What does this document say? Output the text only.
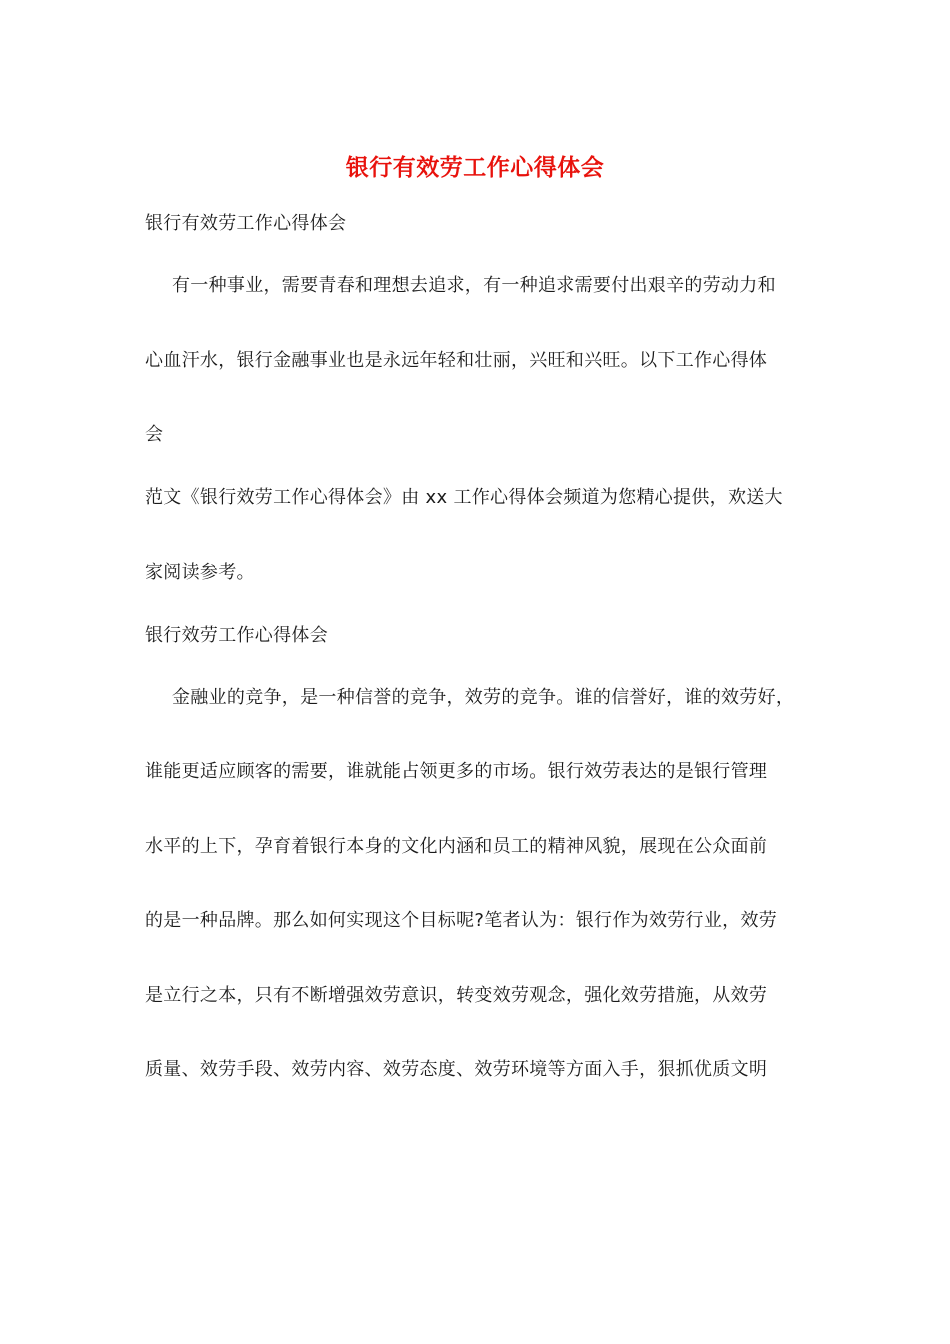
银行有效劳工作心得体会
银行有效劳工作心得体会
有一种事业，需要青春和理想去追求，有一种追求需要付出艰辛的劳动力和
心血汗水，银行金融事业也是永远年轻和壮丽，兴旺和兴旺。以下工作心得体
会
范文《银行效劳工作心得体会》由 xx 工作心得体会频道为您精心提供，欢送大
家阅读参考。
银行效劳工作心得体会
金融业的竞争，是一种信誉的竞争，效劳的竞争。谁的信誉好，谁的效劳好，
谁能更适应顾客的需要，谁就能占领更多的市场。银行效劳表达的是银行管理
水平的上下，孕育着银行本身的文化内涵和员工的精神风貌，展现在公众面前
的是一种品牌。那么如何实现这个目标呢?笔者认为：银行作为效劳行业，效劳
是立行之本，只有不断增强效劳意识，转变效劳观念，强化效劳措施，从效劳
质量、效劳手段、效劳内容、效劳态度、效劳环境等方面入手，狠抓优质文明
